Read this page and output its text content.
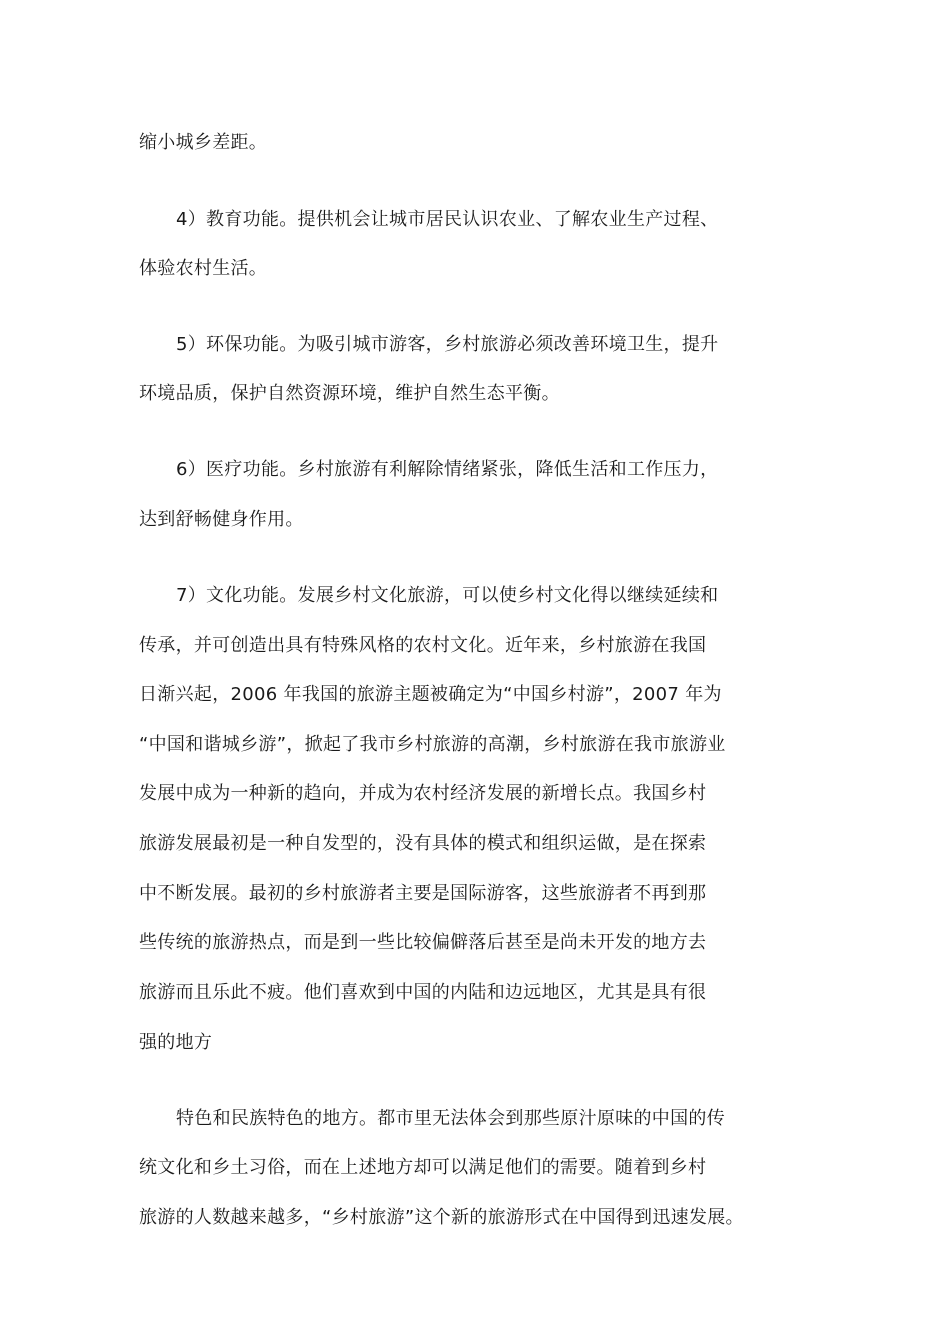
缩小城乡差距。
4）教育功能。提供机会让城市居民认识农业、了解农业生产过程、
体验农村生活。
5）环保功能。为吸引城市游客，乡村旅游必须改善环境卫生，提升
环境品质，保护自然资源环境，维护自然生态平衡。
6）医疗功能。乡村旅游有利解除情绪紧张，降低生活和工作压力，
达到舒畅健身作用。
7）文化功能。发展乡村文化旅游，可以使乡村文化得以继续延续和
传承，并可创造出具有特殊风格的农村文化。近年来，乡村旅游在我国
日渐兴起，2006 年我国的旅游主题被确定为“中国乡村游”，2007 年为
“中国和谐城乡游”，掀起了我市乡村旅游的高潮，乡村旅游在我市旅游业
发展中成为一种新的趋向，并成为农村经济发展的新增长点。我国乡村
旅游发展最初是一种自发型的，没有具体的模式和组织运做，是在探索
中不断发展。最初的乡村旅游者主要是国际游客，这些旅游者不再到那
些传统的旅游热点，而是到一些比较偏僻落后甚至是尚未开发的地方去
旅游而且乐此不疲。他们喜欢到中国的内陆和边远地区，尤其是具有很
强的地方
特色和民族特色的地方。都市里无法体会到那些原汁原味的中国的传
统文化和乡土习俗，而在上述地方却可以满足他们的需要。随着到乡村
旅游的人数越来越多，“乡村旅游”这个新的旅游形式在中国得到迅速发展。
